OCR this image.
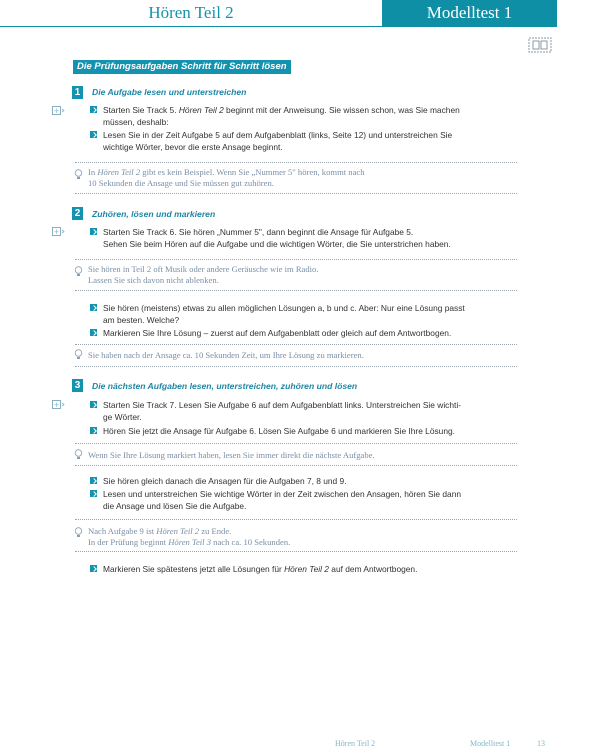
Hören Teil 2	Modelltest 1
Die Prüfungsaufgaben Schritt für Schritt lösen
1	Die Aufgabe lesen und unterstreichen
+	Starten Sie Track 5. Hören Teil 2 beginnt mit der Anweisung. Sie wissen schon, was Sie machen
müssen, deshalb:
Lesen Sie in der Zeit Aufgabe 5 auf dem Aufgabenblatt (links, Seite 12) und unterstreichen Sie
wichtige Wörter, bevor die erste Ansage beginnt.
In Hören Teil 2 gibt es kein Beispiel. Wenn Sie „Nummer 5" hören, kommt nach
10 Sekunden die Ansage und Sie müssen gut zuhören.
2	Zuhören, lösen und markieren
+	Starten Sie Track 6. Sie hören „Nummer 5", dann beginnt die Ansage für Aufgabe 5.
Sehen Sie beim Hören auf die Aufgabe und die wichtigen Wörter, die Sie unterstrichen haben.
Sie hören in Teil 2 oft Musik oder andere Geräusche wie im Radio.
Lassen Sie sich davon nicht ablenken.
Sie hören (meistens) etwas zu allen möglichen Lösungen a, b und c. Aber: Nur eine Lösung passt
am besten. Welche?
Markieren Sie Ihre Lösung – zuerst auf dem Aufgabenblatt oder gleich auf dem Antwortbogen.
Sie haben nach der Ansage ca. 10 Sekunden Zeit, um Ihre Lösung zu markieren.
3	Die nächsten Aufgaben lesen, unterstreichen, zuhören und lösen
+	Starten Sie Track 7. Lesen Sie Aufgabe 6 auf dem Aufgabenblatt links. Unterstreichen Sie wichti-
ge Wörter.
Hören Sie jetzt die Ansage für Aufgabe 6. Lösen Sie Aufgabe 6 und markieren Sie Ihre Lösung.
Wenn Sie Ihre Lösung markiert haben, lesen Sie immer direkt die nächste Aufgabe.
Sie hören gleich danach die Ansagen für die Aufgaben 7, 8 und 9.
Lesen und unterstreichen Sie wichtige Wörter in der Zeit zwischen den Ansagen, hören Sie dann
die Ansage und lösen Sie die Aufgabe.
Nach Aufgabe 9 ist Hören Teil 2 zu Ende.
In der Prüfung beginnt Hören Teil 3 nach ca. 10 Sekunden.
Markieren Sie spätestens jetzt alle Lösungen für Hören Teil 2 auf dem Antwortbogen.
Hören Teil 2	Modelltest 1	13
